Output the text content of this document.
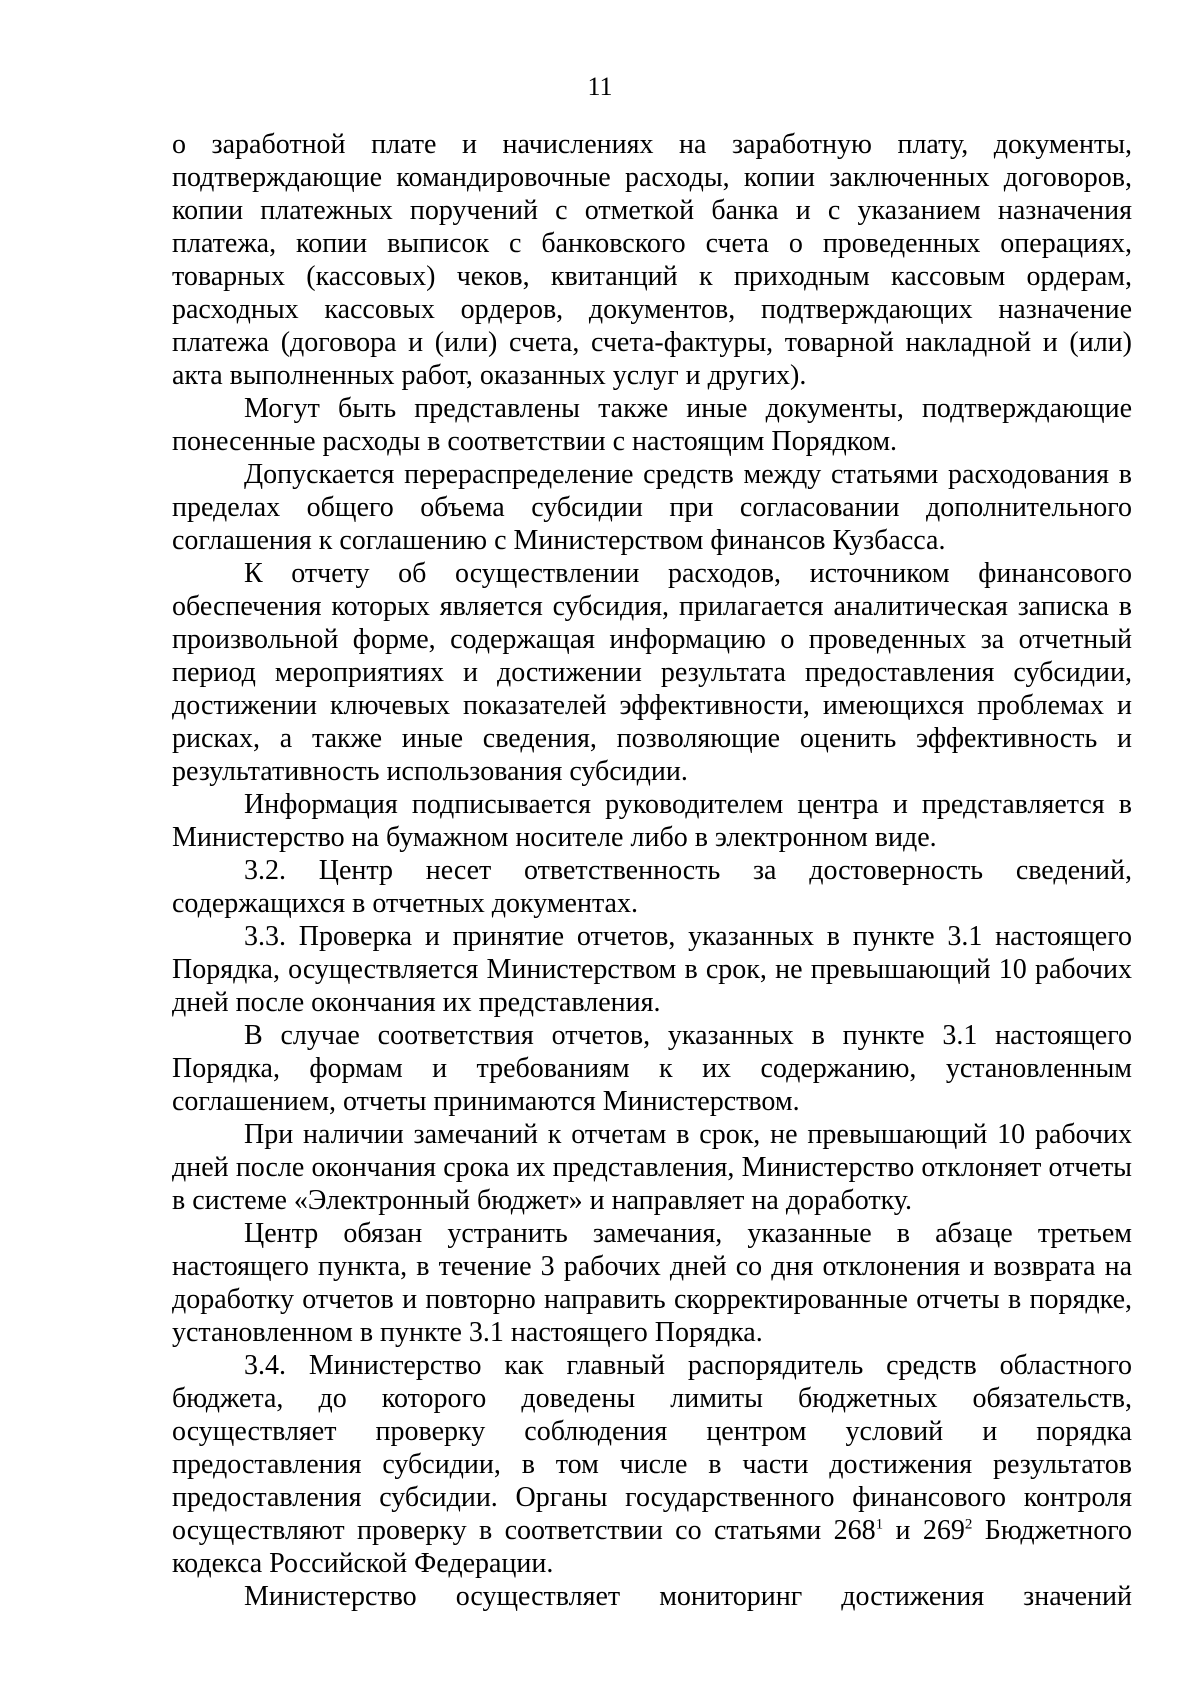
11

о заработной плате и начислениях на заработную плату, документы, подтверждающие командировочные расходы, копии заключенных договоров, копии платежных поручений с отметкой банка и с указанием назначения платежа, копии выписок с банковского счета о проведенных операциях, товарных (кассовых) чеков, квитанций к приходным кассовым ордерам, расходных кассовых ордеров, документов, подтверждающих назначение платежа (договора и (или) счета, счета-фактуры, товарной накладной и (или) акта выполненных работ, оказанных услуг и других).

Могут быть представлены также иные документы, подтверждающие понесенные расходы в соответствии с настоящим Порядком.

Допускается перераспределение средств между статьями расходования в пределах общего объема субсидии при согласовании дополнительного соглашения к соглашению с Министерством финансов Кузбасса.

К отчету об осуществлении расходов, источником финансового обеспечения которых является субсидия, прилагается аналитическая записка в произвольной форме, содержащая информацию о проведенных за отчетный период мероприятиях и достижении результата предоставления субсидии, достижении ключевых показателей эффективности, имеющихся проблемах и рисках, а также иные сведения, позволяющие оценить эффективность и результативность использования субсидии.

Информация подписывается руководителем центра и представляется в Министерство на бумажном носителе либо в электронном виде.

3.2. Центр несет ответственность за достоверность сведений, содержащихся в отчетных документах.

3.3. Проверка и принятие отчетов, указанных в пункте 3.1 настоящего Порядка, осуществляется Министерством в срок, не превышающий 10 рабочих дней после окончания их представления.

В случае соответствия отчетов, указанных в пункте 3.1 настоящего Порядка, формам и требованиям к их содержанию, установленным соглашением, отчеты принимаются Министерством.

При наличии замечаний к отчетам в срок, не превышающий 10 рабочих дней после окончания срока их представления, Министерство отклоняет отчеты в системе «Электронный бюджет» и направляет на доработку.

Центр обязан устранить замечания, указанные в абзаце третьем настоящего пункта, в течение 3 рабочих дней со дня отклонения и возврата на доработку отчетов и повторно направить скорректированные отчеты в порядке, установленном в пункте 3.1 настоящего Порядка.

3.4. Министерство как главный распорядитель средств областного бюджета, до которого доведены лимиты бюджетных обязательств, осуществляет проверку соблюдения центром условий и порядка предоставления субсидии, в том числе в части достижения результатов предоставления субсидии. Органы государственного финансового контроля осуществляют проверку в соответствии со статьями $268^1$ и $269^2$ Бюджетного кодекса Российской Федерации.

Министерство осуществляет мониторинг достижения значений
